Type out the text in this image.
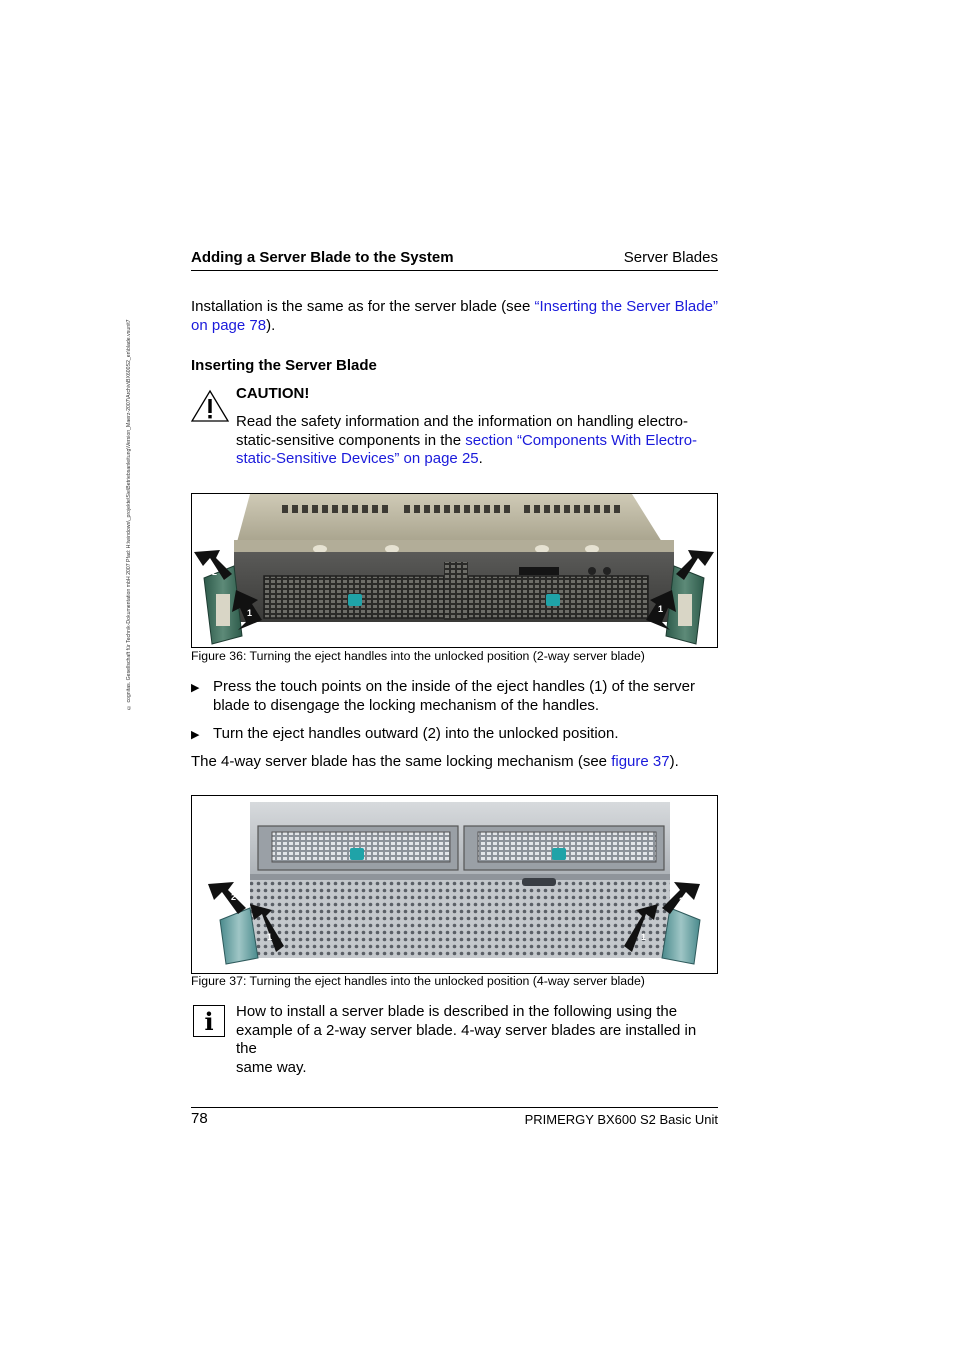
© cognitas. Gesellschaft für Technik-Dokumentation mbH 2007 Pfad: H:\windows\_projekte\Sie\Betriebsanleitung\Version_Maerz-2007\Archiv\BX600S2_en\blade.vsunit7
Adding a Server Blade to the System	Server Blades
Installation is the same as for the server blade (see “Inserting the Server Blade”
on page 78).
Inserting the Server Blade
CAUTION!
Read the safety information and the information on handling electro-
static-sensitive components in the section “Components With Electro-
static-Sensitive Devices” on page 25.
2	2
1	1
Figure 36: Turning the eject handles into the unlocked position (2-way server blade)
▶ Press the touch points on the inside of the eject handles (1) of the server
blade to disengage the locking mechanism of the handles.
▶ Turn the eject handles outward (2) into the unlocked position.
The 4-way server blade has the same locking mechanism (see figure 37).
2	2
1	1
Figure 37: Turning the eject handles into the unlocked position (4-way server blade)
i	How to install a server blade is described in the following using the
example of a 2-way server blade. 4-way server blades are installed in the
same way.
78	PRIMERGY BX600 S2 Basic Unit
